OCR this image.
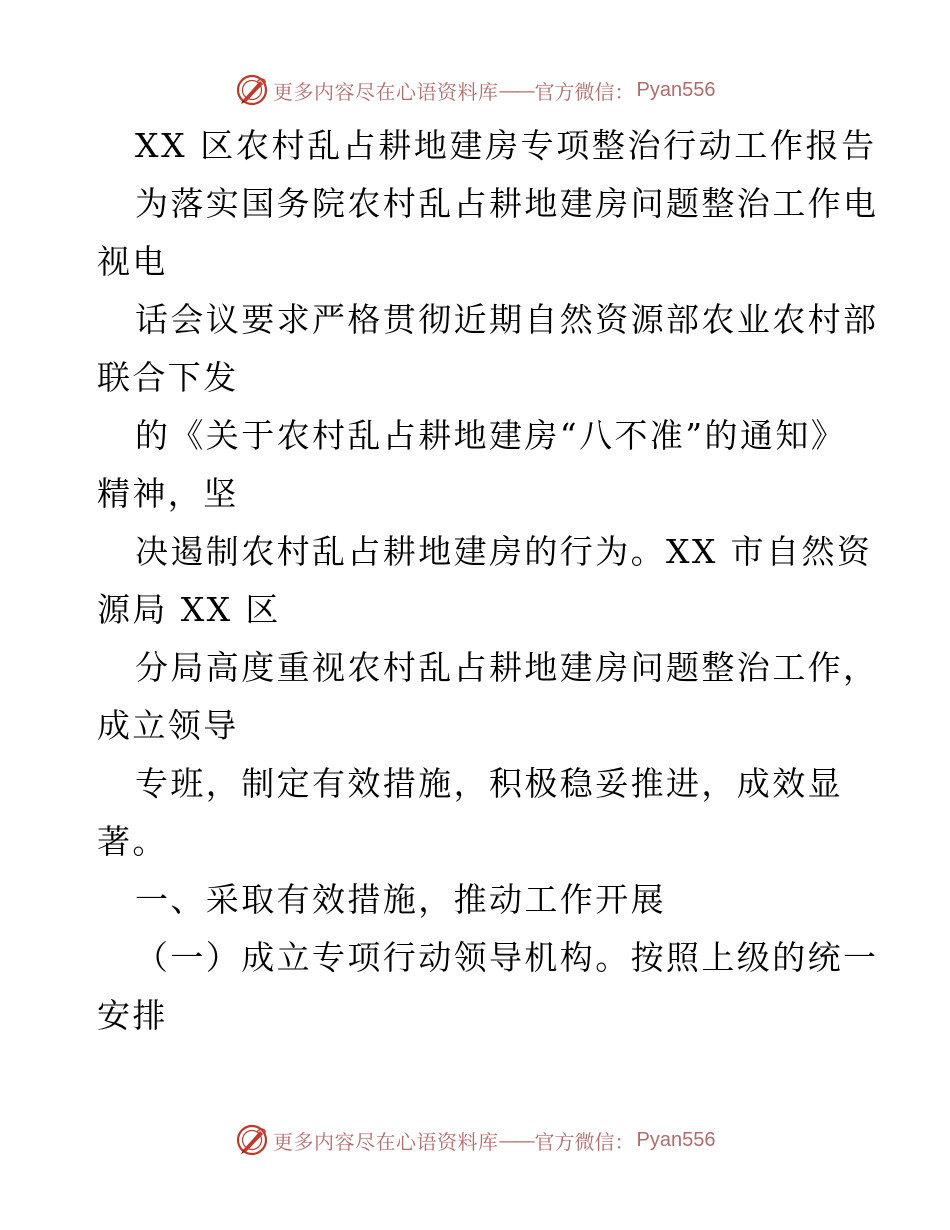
更多内容尽在心语资料库 —— 官方微信： Pyan556
XX 区农村乱占耕地建房专项整治行动工作报告
为落实国务院农村乱占耕地建房问题整治工作电
视电
话会议要求严格贯彻近期自然资源部农业农村部
联合下发
的《关于农村乱占耕地建房“八不准”的通知》
精神，坚
决遏制农村乱占耕地建房的行为。XX 市自然资
源局 XX 区
分局高度重视农村乱占耕地建房问题整治工作，
成立领导
专班，制定有效措施，积极稳妥推进，成效显
著。
一、采取有效措施，推动工作开展
（一）成立专项行动领导机构。按照上级的统一
安排
更多内容尽在心语资料库 —— 官方微信： Pyan556
